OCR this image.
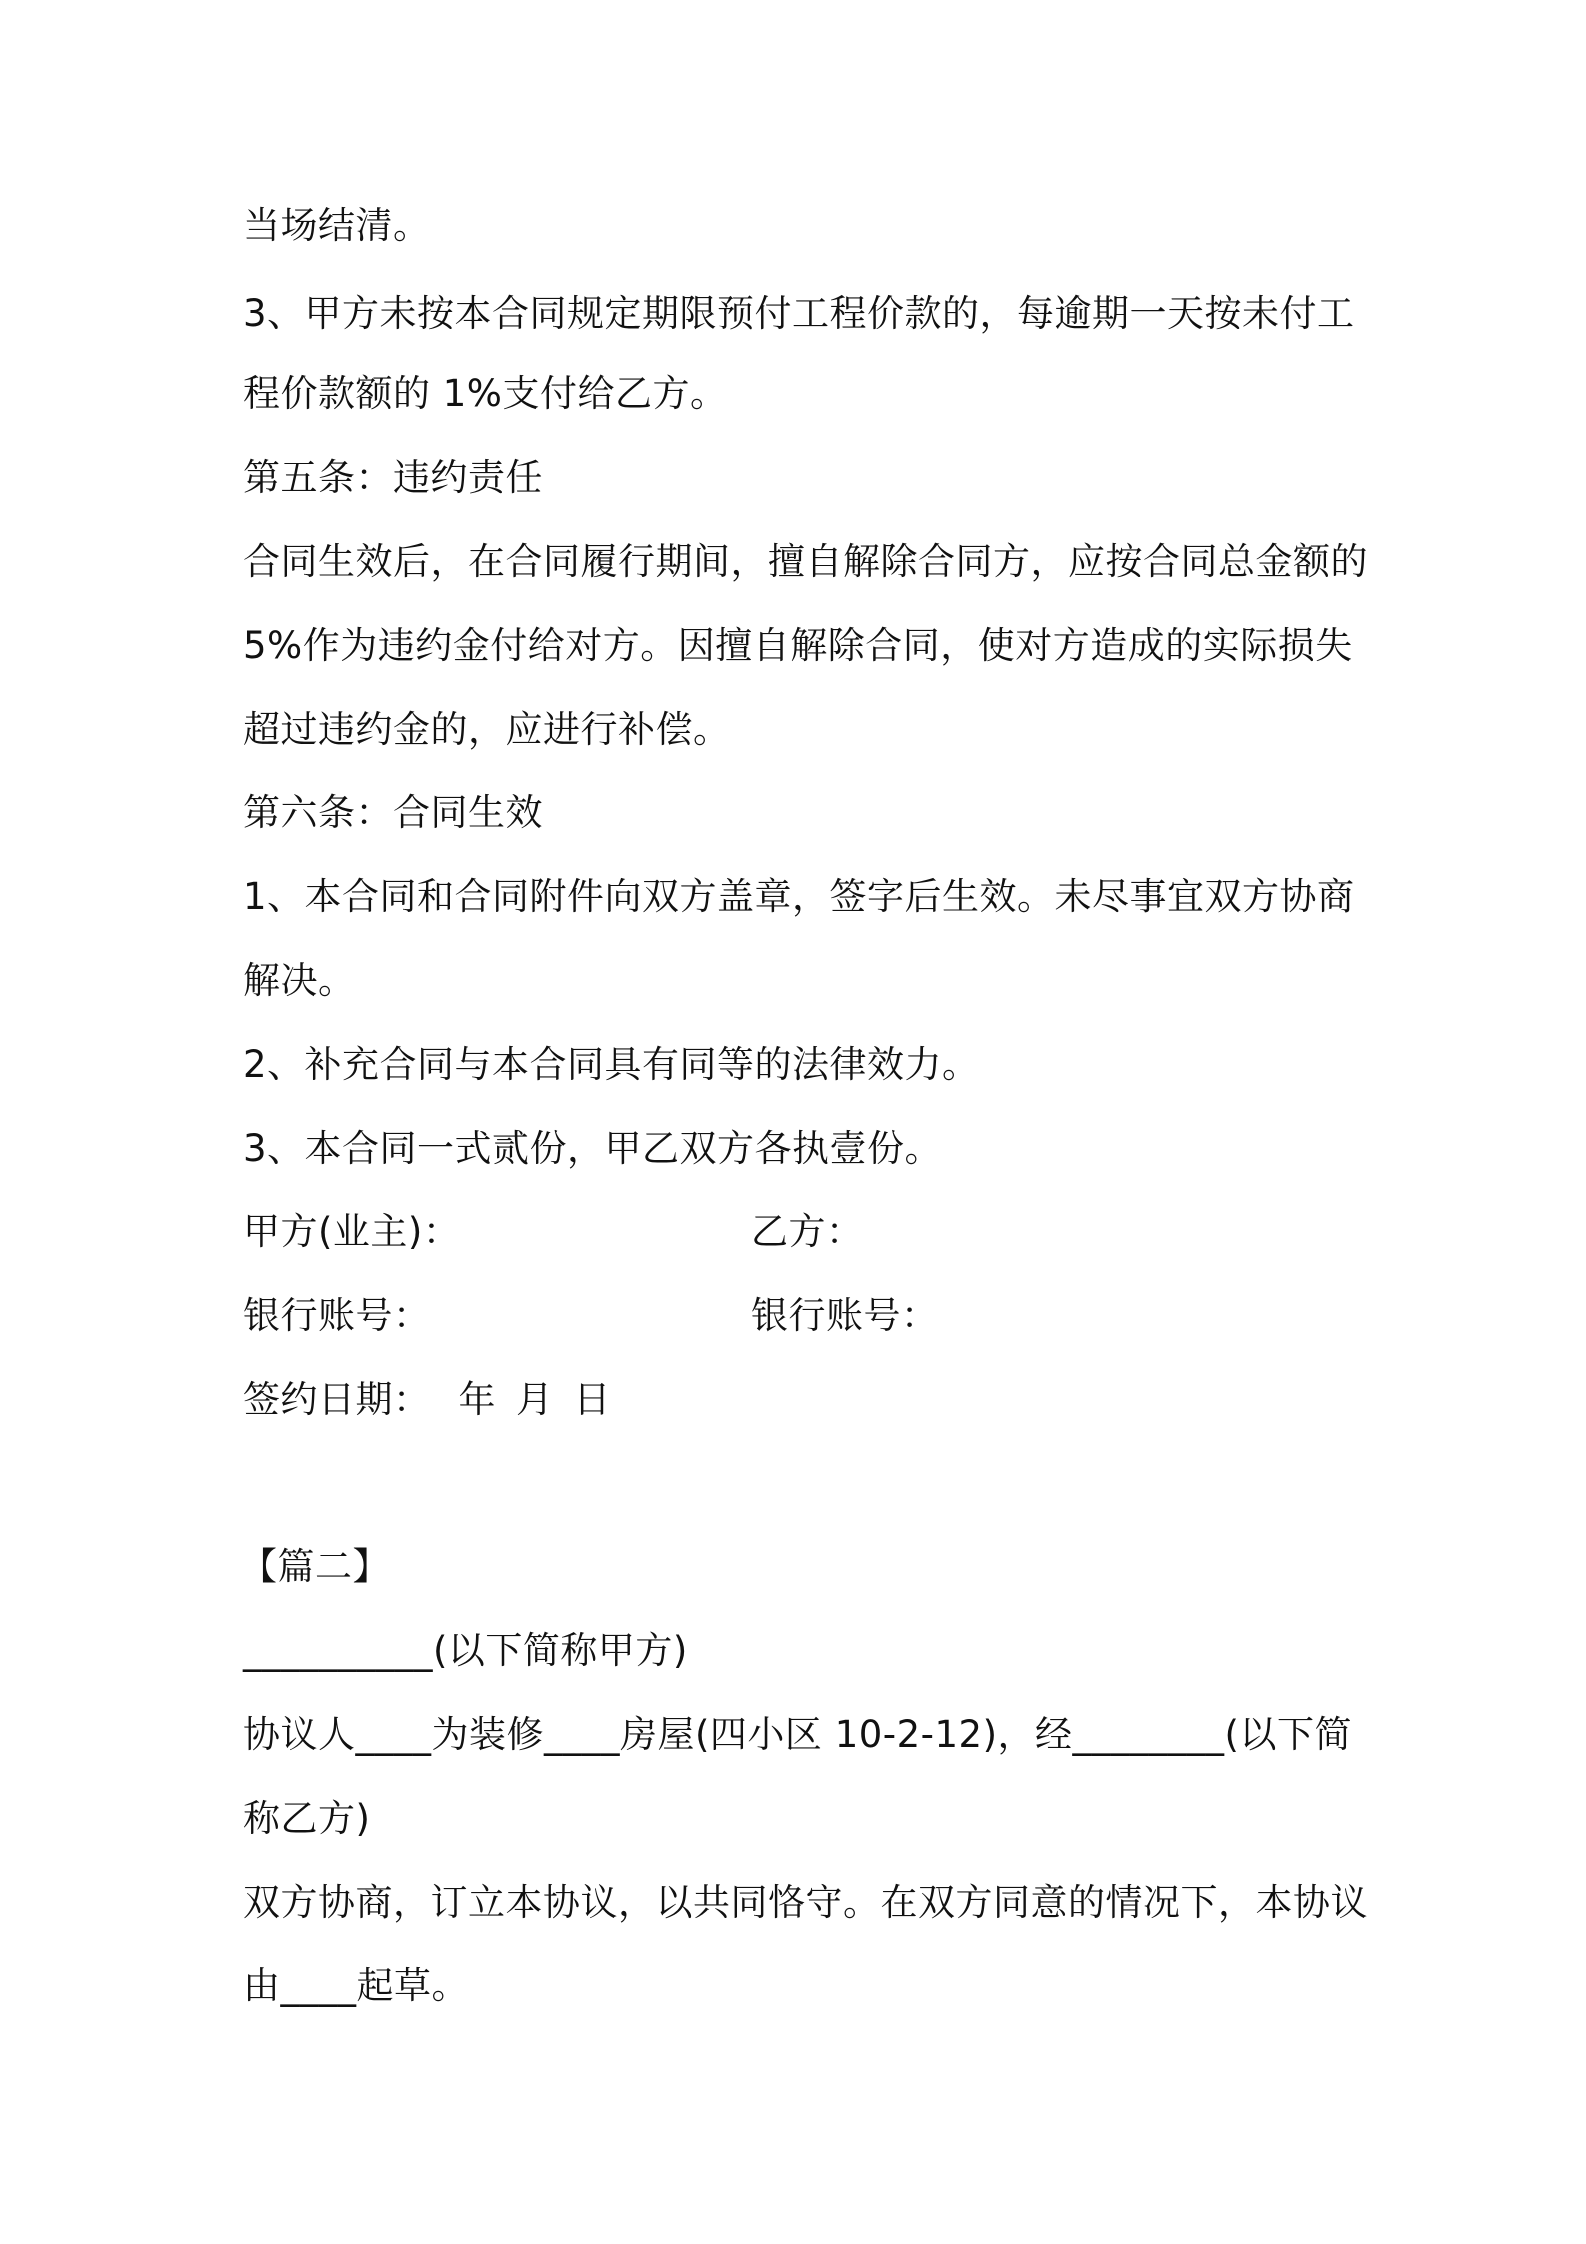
当场结清。
3、甲方未按本合同规定期限预付工程价款的，每逾期一天按未付工
程价款额的 1%支付给乙方。
第五条：违约责任
合同生效后，在合同履行期间，擅自解除合同方，应按合同总金额的
5%作为违约金付给对方。因擅自解除合同，使对方造成的实际损失
超过违约金的，应进行补偿。
第六条：合同生效
1、本合同和合同附件向双方盖章，签字后生效。未尽事宜双方协商
解决。
2、补充合同与本合同具有同等的法律效力。
3、本合同一式贰份，甲乙双方各执壹份。
甲方(业主)：	乙方：
银行账号：	银行账号：
签约日期： 年 月 日
【篇二】
__________(以下简称甲方)
协议人____为装修____房屋(四小区 10-2-12)，经________(以下简
称乙方)
双方协商，订立本协议，以共同恪守。在双方同意的情况下，本协议
由____起草。
